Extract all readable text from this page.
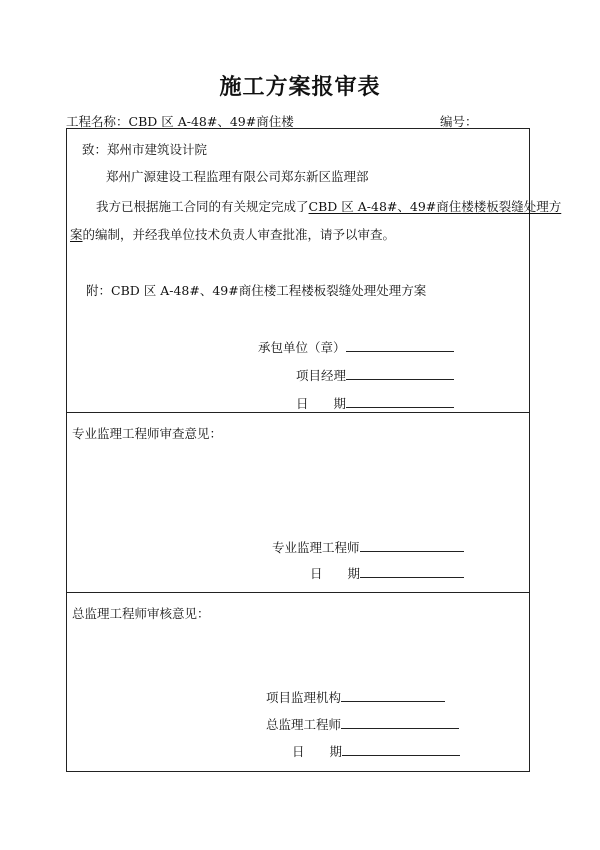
施工方案报审表
工程名称：CBD 区 A-48#、49#商住楼	编号：
致：郑州市建筑设计院
郑州广源建设工程监理有限公司郑东新区监理部
我方已根据施工合同的有关规定完成了CBD 区 A-48#、49#商住楼楼板裂缝处理方
案的编制，并经我单位技术负责人审查批准，请予以审查。
附：CBD 区 A-48#、49#商住楼工程楼板裂缝处理处理方案
承包单位（章）
项目经理
日　　期
专业监理工程师审查意见：
专业监理工程师
日　　期
总监理工程师审核意见：
项目监理机构
总监理工程师
日　　期
